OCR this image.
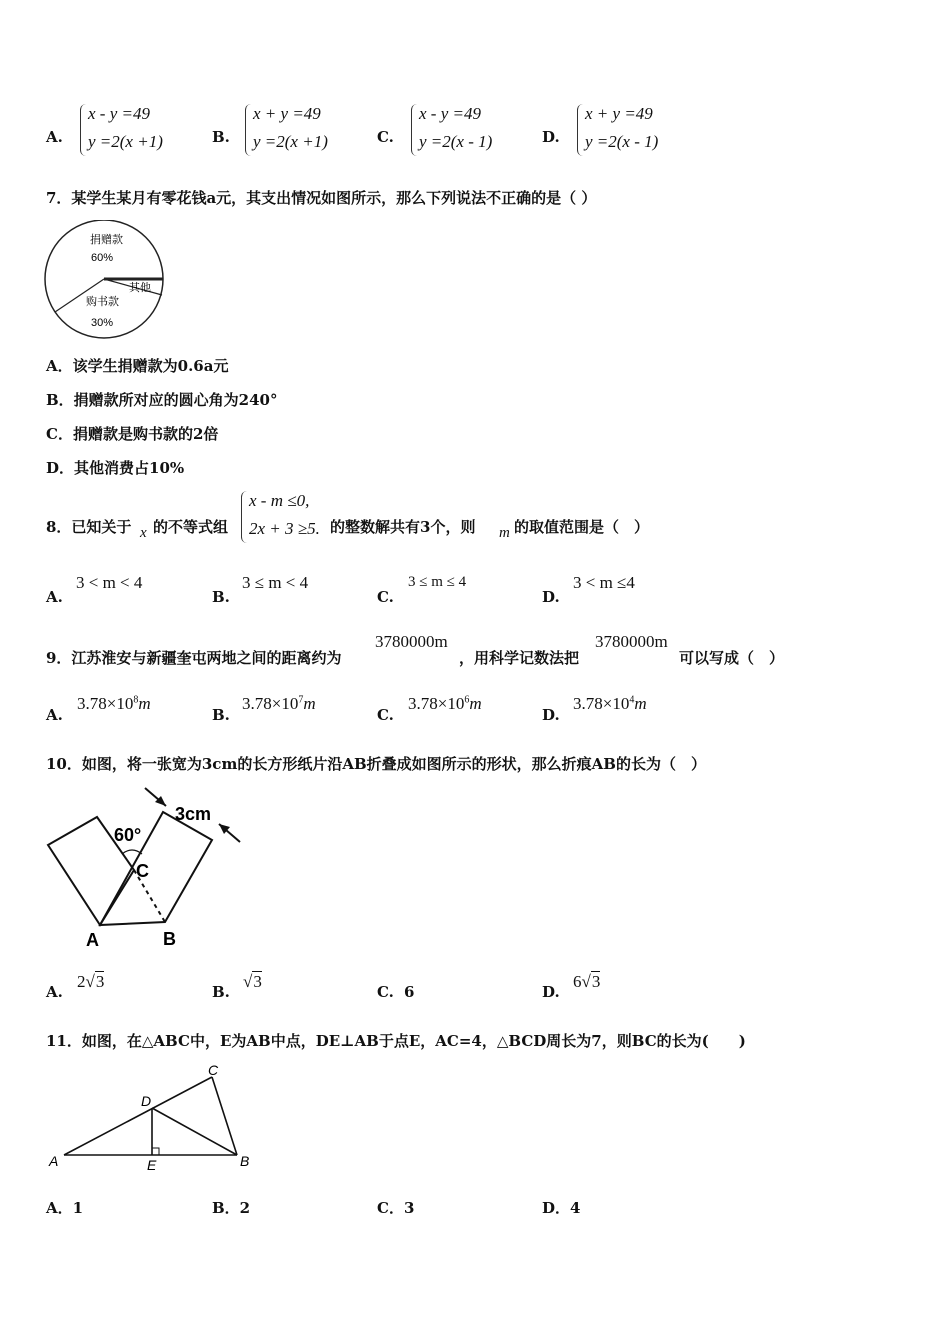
A.
x - y =49
y =2(x +1)	B.
x + y =49
y =2(x +1)	C.
x - y =49
y =2(x - 1)	D.
x + y =49
y =2(x - 1)
7．某学生某月有零花钱a元，其支出情况如图所示，那么下列说法不正确的是（ ）
捐赠款
60%
其他
购书款
30%
A．该学生捐赠款为0.6a元
B．捐赠款所对应的圆心角为240°
C．捐赠款是购书款的2倍
D．其他消费占10%
8．已知关于 x 的不等式组
x - m ≤0,
2x + 3 ≥5. 的整数解共有3个，则 m 的取值范围是（　）
A.
3 < m < 4
B.
3 ≤ m < 4
C.
3 ≤ m ≤ 4
D.
3 < m ≤4
9．江苏淮安与新疆奎屯两地之间的距离约为
3780000m
，用科学记数法把
3780000m
可以写成（　）
A.
$3.78\times 10^8m$
B.
$3.78\times 10^7m$
C.
$3.78\times 10^6m$
D.
$3.78\times 10^4m$
10．如图，将一张宽为3cm的长方形纸片沿AB折叠成如图所示的形状，那么折痕AB的长为（　）
3cm
60°
C
A	B
A.
2√3
B.
√3
C. 6	D.
6√3
11．如图，在△ABC中，E为AB中点，DE⊥AB于点E，AC=4，△BCD周长为7，则BC的长为(　　)
A	B
C
D
E
A．1	B．2	C．3	D．4
